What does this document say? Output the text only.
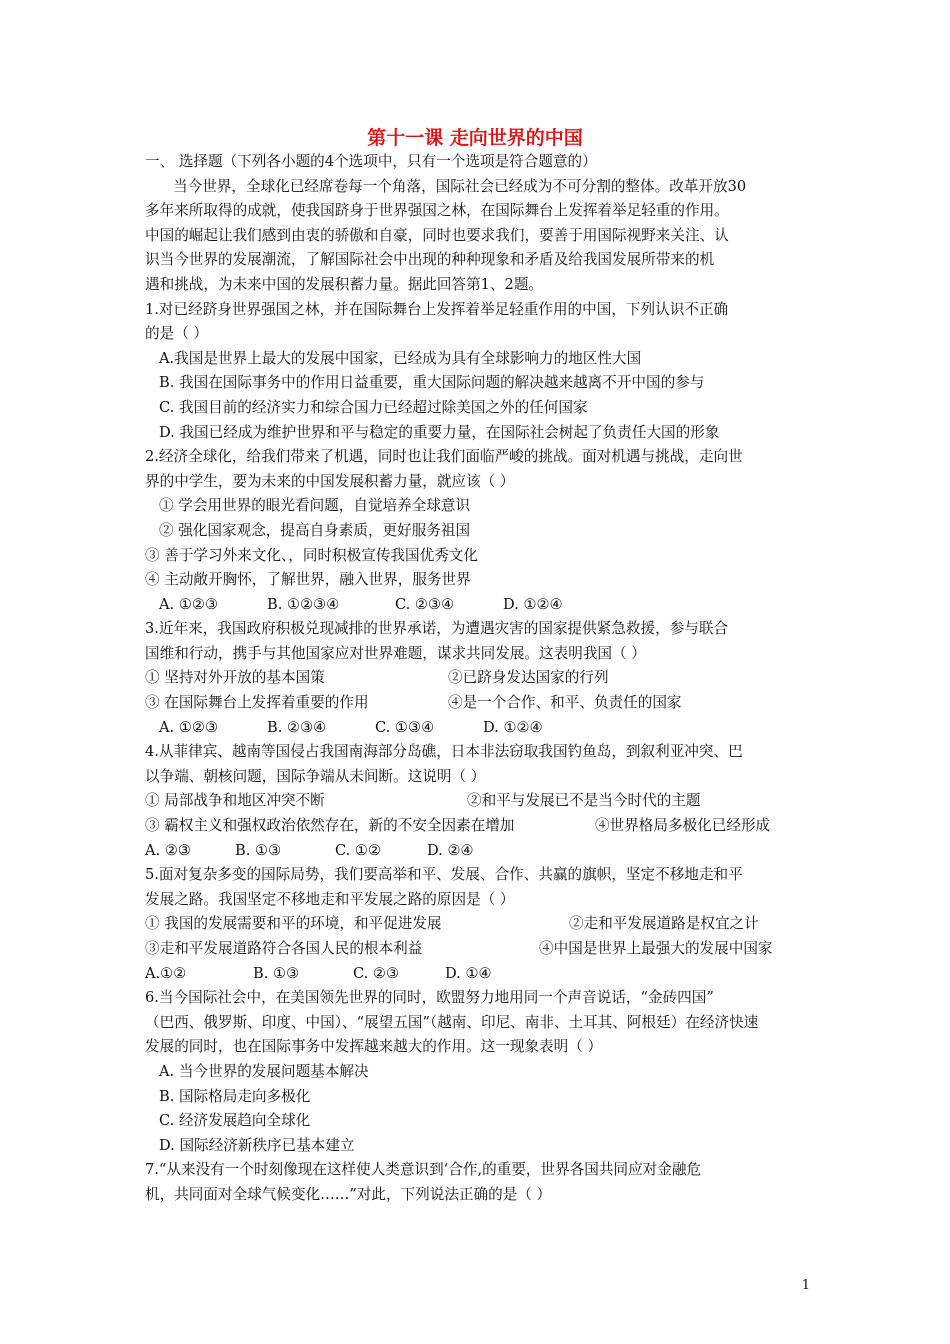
第十一课 走向世界的中国
一、 选择题（下列各小题的4个选项中，只有一个选项是符合题意的）
当今世界，全球化已经席卷每一个角落，国际社会已经成为不可分割的整体。改革开放30
多年来所取得的成就，使我国跻身于世界强国之林，在国际舞台上发挥着举足轻重的作用。
中国的崛起让我们感到由衷的骄傲和自豪，同时也要求我们，要善于用国际视野来关注、认
识当今世界的发展潮流，了解国际社会中出现的种种现象和矛盾及给我国发展所带来的机
遇和挑战，为未来中国的发展积蓄力量。据此回答第1、2题。
1.对已经跻身世界强国之林，并在国际舞台上发挥着举足轻重作用的中国，下列认识不正确
的是（ ）
A.我国是世界上最大的发展中国家，已经成为具有全球影响力的地区性大国
B. 我国在国际事务中的作用日益重要，重大国际问题的解决越来越离不开中国的参与
C. 我国目前的经济实力和综合国力已经超过除美国之外的任何国家
D. 我国已经成为维护世界和平与稳定的重要力量，在国际社会树起了负责任大国的形象
2.经济全球化，给我们带来了机遇，同时也让我们面临严峻的挑战。面对机遇与挑战，走向世
界的中学生，要为未来的中国发展积蓄力量，就应该（ ）
① 学会用世界的眼光看问题，自觉培养全球意识
② 强化国家观念，提高自身素质，更好服务祖国
③ 善于学习外来文化、，同时积极宣传我国优秀文化
④ 主动敞开胸怀，了解世界，融入世界，服务世界
A. ①②③	B. ①②③④	C. ②③④	D. ①②④
3.近年来，我国政府积极兑现减排的世界承诺，为遭遇灾害的国家提供紧急救援，参与联合
国维和行动，携手与其他国家应对世界难题，谋求共同发展。这表明我国（ ）
① 坚持对外开放的基本国策	②已跻身发达国家的行列
③ 在国际舞台上发挥着重要的作用	④是一个合作、和平、负责任的国家
A. ①②③	B. ②③④	C. ①③④	D. ①②④
4.从菲律宾、越南等国侵占我国南海部分岛礁，日本非法窃取我国钓鱼岛，到叙利亚冲突、巴
以争端、朝核问题，国际争端从未间断。这说明（ ）
① 局部战争和地区冲突不断	②和平与发展已不是当今时代的主题
③ 霸权主义和强权政治依然存在，新的不安全因素在增加	④世界格局多极化已经形成
A. ②③	B. ①③	C. ①②	D. ②④
5.面对复杂多变的国际局势，我们要高举和平、发展、合作、共赢的旗帜，坚定不移地走和平
发展之路。我国坚定不移地走和平发展之路的原因是（ ）
① 我国的发展需要和平的环境，和平促进发展	②走和平发展道路是权宜之计
③走和平发展道路符合各国人民的根本利益	④中国是世界上最强大的发展中国家
A.①②	B. ①③	C. ②③	D. ①④
6.当今国际社会中，在美国领先世界的同时，欧盟努力地用同一个声音说话，“金砖四国”
（巴西、俄罗斯、印度、中国）、“展望五国”（越南、印尼、南非、土耳其、阿根廷）在经济快速
发展的同时，也在国际事务中发挥越来越大的作用。这一现象表明（ ）
A. 当今世界的发展问题基本解决
B. 国际格局走向多极化
C. 经济发展趋向全球化
D. 国际经济新秩序已基本建立
7.“从来没有一个时刻像现在这样使人类意识到‘合作,的重要，世界各国共同应对金融危
机，共同面对全球气候变化……”对此，下列说法正确的是（ ）
1
